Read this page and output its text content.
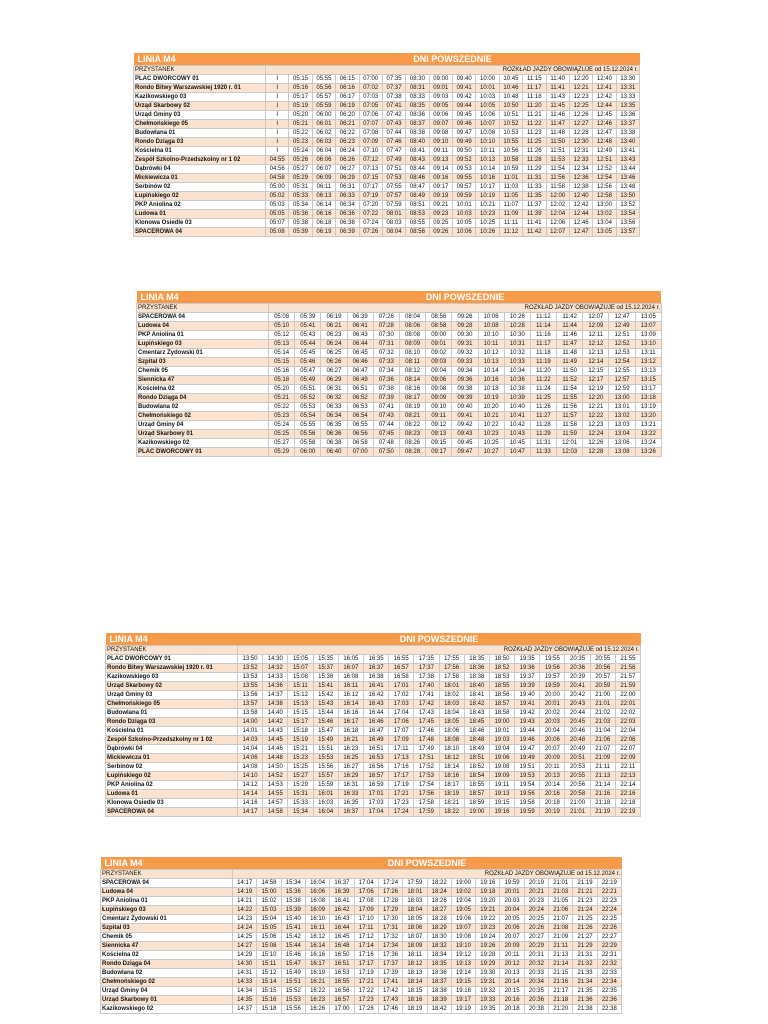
LINIA M4	DNI POWSZEDNIE															
PRZYSTANEK	ROZKŁAD JAZDY OBOWIĄZUJE od 15.12.2024 r.															
PLAC DWORCOWY 01	I	05:15	05:55	06:15	07:00	07:35	08:30	09:00	09:40	10:00	10:45	11:15	11:40	12:20	12:40	13:30
Rondo Bitwy Warszawskiej 1920 r. 01	I	05:16	05:56	06:16	07:02	07:37	08:31	09:01	09:41	10:01	10:46	11:17	11:41	12:21	12:41	13:31
Kazikowskiego 03	I	05:17	05:57	06:17	07:03	07:38	08:33	09:03	09:42	10:03	10:48	11:18	11:43	12:23	12:42	13:33
Urząd Skarbowy 02	I	05:19	05:59	06:19	07:05	07:41	08:35	09:05	09:44	10:05	10:50	11:20	11:45	12:25	12:44	13:35
Urząd Gminy 03	I	05:20	06:00	06:20	07:06	07:42	08:36	09:06	09:45	10:06	10:51	11:21	11:46	12:26	12:45	13:36
Chełmońskiego 05	I	05:21	06:01	06:21	07:07	07:43	08:37	09:07	09:46	10:07	10:52	11:22	11:47	12:27	12:46	13:37
Budowlana 01	I	05:22	06:02	06:22	07:08	07:44	08:38	09:08	09:47	10:08	10:53	11:23	11:48	12:28	12:47	13:38
Rondo Dziąga 03	I	05:23	06:03	06:23	07:09	07:46	08:40	09:10	09:49	10:10	10:55	11:25	11:50	12:30	12:48	13:40
Kościelna 01	I	05:24	06:04	06:24	07:10	07:47	08:41	09:11	09:50	10:11	10:56	11:26	11:51	12:31	12:49	13:41
Zespół Szkolno-Przedszkolny nr 1 02	04:55	05:26	06:06	06:26	07:12	07:49	08:43	09:13	09:52	10:13	10:58	11:28	11:53	12:33	12:51	13:43
Dąbrówki 04	04:56	05:27	06:07	06:27	07:13	07:51	08:44	09:14	09:53	10:14	10:59	11:29	11:54	12:34	12:52	13:44
Mickiewicza 01	04:58	05:29	06:09	06:29	07:15	07:53	08:46	09:16	09:55	10:16	11:01	11:31	11:56	12:36	12:54	13:46
Serbinów 02	05:00	05:31	06:11	06:31	07:17	07:55	08:47	09:17	09:57	10:17	11:03	11:33	11:58	12:38	12:56	13:48
Łupińskiego 02	05:02	05:33	06:13	06:33	07:19	07:57	08:49	09:19	09:59	10:19	11:05	11:35	12:00	12:40	12:58	13:50
PKP Aniolina 02	05:03	05:34	06:14	06:34	07:20	07:59	08:51	09:21	10:01	10:21	11:07	11:37	12:02	12:42	13:00	13:52
Ludowa 01	05:05	05:36	06:16	06:36	07:22	08:01	08:53	09:23	10:03	10:23	11:09	11:39	12:04	12:44	13:02	13:54
Klonowa Osiedle 03	05:07	05:38	06:18	06:38	07:24	08:03	08:55	09:25	10:05	10:25	11:11	11:41	12:06	12:46	13:04	13:56
SPACEROWA 04	05:08	05:39	06:19	06:39	07:26	08:04	08:56	09:26	10:06	10:26	11:12	11:42	12:07	12:47	13:05	13:57
LINIA M4	DNI POWSZEDNIE														
PRZYSTANEK	ROZKŁAD JAZDY OBOWIĄZUJE od 15.12.2024 r.														
SPACEROWA 04	05:08	05:39	06:19	06:39	07:26	08:04	08:56	09:26	10:06	10:26	11:12	11:42	12:07	12:47	13:05
Ludowa 04	05:10	05:41	06:21	06:41	07:28	08:06	08:58	09:28	10:08	10:28	11:14	11:44	12:09	12:49	13:07
PKP Aniolina 01	05:12	05:43	06:23	06:43	07:30	08:08	09:00	09:30	10:10	10:30	11:16	11:46	12:11	12:51	13:09
Łupińskiego 03	05:13	05:44	06:24	06:44	07:31	08:09	09:01	09:31	10:11	10:31	11:17	11:47	12:12	12:52	13:10
Cmentarz Żydowski 01	05:14	05:45	06:25	06:45	07:32	08:10	09:02	09:32	10:12	10:32	11:18	11:48	12:13	12:53	13:11
Szpital 03	05:15	05:46	06:26	06:46	07:33	08:11	09:03	09:33	10:13	10:33	11:19	11:49	12:14	12:54	13:12
Chemik 05	05:16	05:47	06:27	06:47	07:34	08:12	09:04	09:34	10:14	10:34	11:20	11:50	12:15	12:55	13:13
Siennicka 47	05:18	05:49	06:29	06:49	07:36	08:14	09:06	09:36	10:16	10:36	11:22	11:52	12:17	12:57	13:15
Kościelna 02	05:20	05:51	06:31	06:51	07:38	08:16	09:08	09:38	10:18	10:38	11:24	11:54	12:19	12:59	13:17
Rondo Dziąga 04	05:21	05:52	06:32	06:52	07:39	08:17	09:09	09:39	10:19	10:39	11:25	11:55	12:20	13:00	13:18
Budowlana 02	05:22	05:53	06:33	06:53	07:41	08:19	09:10	09:40	10:20	10:40	11:26	11:56	12:21	13:01	13:19
Chełmońskiego 02	05:23	05:54	06:34	06:54	07:43	08:21	09:11	09:41	10:21	10:41	11:27	11:57	12:22	13:02	13:20
Urząd Gminy 04	05:24	05:55	06:35	06:55	07:44	08:22	09:12	09:42	10:22	10:42	11:28	11:58	12:23	13:03	13:21
Urząd Skarbowy 01	05:25	05:56	06:36	06:56	07:45	08:23	09:13	09:43	10:23	10:43	11:29	11:59	12:24	13:04	13:22
Kazikowskiego 02	05:27	05:58	06:38	06:58	07:48	08:26	09:15	09:45	10:25	10:45	11:31	12:01	12:26	13:06	13:24
PLAC DWORCOWY 01	05:29	06:00	06:40	07:00	07:50	08:28	09:17	09:47	10:27	10:47	11:33	12:03	12:28	13:08	13:26
LINIA M4	DNI POWSZEDNIE															
PRZYSTANEK	ROZKŁAD JAZDY OBOWIĄZUJE od 15.12.2024 r.															
PLAC DWORCOWY 01	13:50	14:30	15:05	15:35	16:05	16:35	16:55	17:35	17:55	18:35	18:50	19:35	19:55	20:35	20:55	21:55
Rondo Bitwy Warszawskiej 1920 r. 01	13:52	14:32	15:07	15:37	16:07	16:37	16:57	17:37	17:56	18:36	18:52	19:36	19:56	20:36	20:56	21:56
Kazikowskiego 03	13:53	14:33	15:08	15:38	16:08	16:38	16:58	17:38	17:58	18:38	18:53	19:37	19:57	20:39	20:57	21:57
Urząd Skarbowy 02	13:55	14:36	15:11	15:41	16:11	16:41	17:01	17:40	18:01	18:40	18:55	19:39	19:59	20:41	20:59	21:59
Urząd Gminy 03	13:56	14:37	15:12	15:42	16:12	16:42	17:02	17:41	18:02	18:41	18:56	19:40	20:00	20:42	21:00	22:00
Chełmońskiego 05	13:57	14:38	15:13	15:43	16:14	16:43	17:03	17:42	18:03	18:42	18:57	19:41	20:01	20:43	21:01	22:01
Budowlana 01	13:58	14:40	15:15	15:44	16:16	16:44	17:04	17:43	18:04	18:43	18:58	19:42	20:02	20:44	21:02	22:02
Rondo Dziąga 03	14:00	14:42	15:17	15:46	16:17	16:46	17:06	17:45	18:05	18:45	19:00	19:43	20:03	20:45	21:03	22:03
Kościelna 01	14:01	14:43	15:18	15:47	16:18	16:47	17:07	17:46	18:06	18:46	19:01	19:44	20:04	20:46	21:04	22:04
Zespół Szkolno-Przedszkolny nr 1 02	14:03	14:45	15:19	15:49	16:21	16:49	17:09	17:48	18:08	18:48	19:03	19:46	20:06	20:48	21:06	22:06
Dąbrówki 04	14:04	14:46	15:21	15:51	16:23	16:51	17:11	17:49	18:10	18:49	19:04	19:47	20:07	20:49	21:07	22:07
Mickiewicza 01	14:06	14:48	15:23	15:53	16:25	16:53	17:13	17:51	18:12	18:51	19:06	19:49	20:09	20:51	21:09	22:09
Serbinów 02	14:08	14:50	15:25	15:56	16:27	16:56	17:16	17:52	18:14	18:52	19:08	19:51	20:11	20:53	21:11	22:11
Łupińskiego 02	14:10	14:52	15:27	15:57	16:29	16:57	17:17	17:53	18:16	18:54	19:09	19:53	20:13	20:55	21:13	22:13
PKP Aniolina 02	14:12	14:53	15:29	15:59	16:31	16:59	17:19	17:54	18:17	18:55	19:11	19:54	20:14	20:56	21:14	22:14
Ludowa 01	14:14	14:55	15:31	16:01	16:33	17:01	17:21	17:56	18:19	18:57	19:13	19:56	20:16	20:58	21:16	22:16
Klonowa Osiedle 03	14:16	14:57	15:33	16:03	16:35	17:03	17:23	17:58	18:21	18:59	19:15	19:58	20:18	21:00	21:18	22:18
SPACEROWA 04	14:17	14:58	15:34	16:04	16:37	17:04	17:24	17:59	18:22	19:00	19:16	19:59	20:19	21:01	21:19	22:19
LINIA M4	DNI POWSZEDNIE															
PRZYSTANEK	ROZKŁAD JAZDY OBOWIĄZUJE od 15.12.2024 r.															
SPACEROWA 04	14:17	14:58	15:34	16:04	16:37	17:04	17:24	17:59	18:22	19:00	19:16	19:59	20:19	21:01	21:19	22:19
Ludowa 04	14:19	15:00	15:36	16:06	16:39	17:06	17:26	18:01	18:24	19:02	19:18	20:01	20:21	21:03	21:21	22:21
PKP Aniolina 01	14:21	15:02	15:38	16:08	16:41	17:08	17:28	18:03	18:26	19:04	19:20	20:03	20:23	21:05	21:23	22:23
Łupińskiego 03	14:22	15:03	15:39	16:09	16:42	17:09	17:29	18:04	18:27	19:05	19:21	20:04	20:24	21:06	21:24	22:24
Cmentarz Żydowski 01	14:23	15:04	15:40	16:10	16:43	17:10	17:30	18:05	18:28	19:06	19:22	20:05	20:25	21:07	21:25	22:25
Szpital 03	14:24	15:05	15:41	16:11	16:44	17:11	17:31	18:06	18:29	19:07	19:23	20:06	20:26	21:08	21:26	22:26
Chemik 05	14:25	15:06	15:42	16:12	16:45	17:12	17:32	18:07	18:30	19:08	19:24	20:07	20:27	21:09	21:27	22:27
Siennicka 47	14:27	15:08	15:44	16:14	16:48	17:14	17:34	18:09	18:32	19:10	19:26	20:09	20:29	21:11	21:29	22:29
Kościelna 02	14:29	15:10	15:46	16:16	16:50	17:16	17:36	18:11	18:34	19:12	19:28	20:11	20:31	21:13	21:31	22:31
Rondo Dziąga 04	14:30	15:11	15:47	16:17	16:51	17:17	17:37	18:12	18:35	19:13	19:29	20:12	20:32	21:14	21:32	22:32
Budowlana 02	14:31	15:12	15:49	16:19	16:53	17:19	17:39	18:13	18:36	19:14	19:30	20:13	20:33	21:15	21:33	22:33
Chełmońskiego 02	14:33	15:14	15:51	16:21	16:55	17:21	17:41	18:14	18:37	19:15	19:31	20:14	20:34	21:16	21:34	22:34
Urząd Gminy 04	14:34	15:15	15:52	16:22	16:56	17:22	17:42	18:15	18:38	19:16	19:32	20:15	20:35	21:17	21:35	22:35
Urząd Skarbowy 01	14:35	15:16	15:53	16:23	16:57	17:23	17:43	18:16	18:39	19:17	19:33	20:16	20:36	21:18	21:36	22:36
Kazikowskiego 02	14:37	15:18	15:56	16:26	17:00	17:26	17:46	18:19	18:42	19:19	19:35	20:18	20:38	21:20	21:38	22:38
